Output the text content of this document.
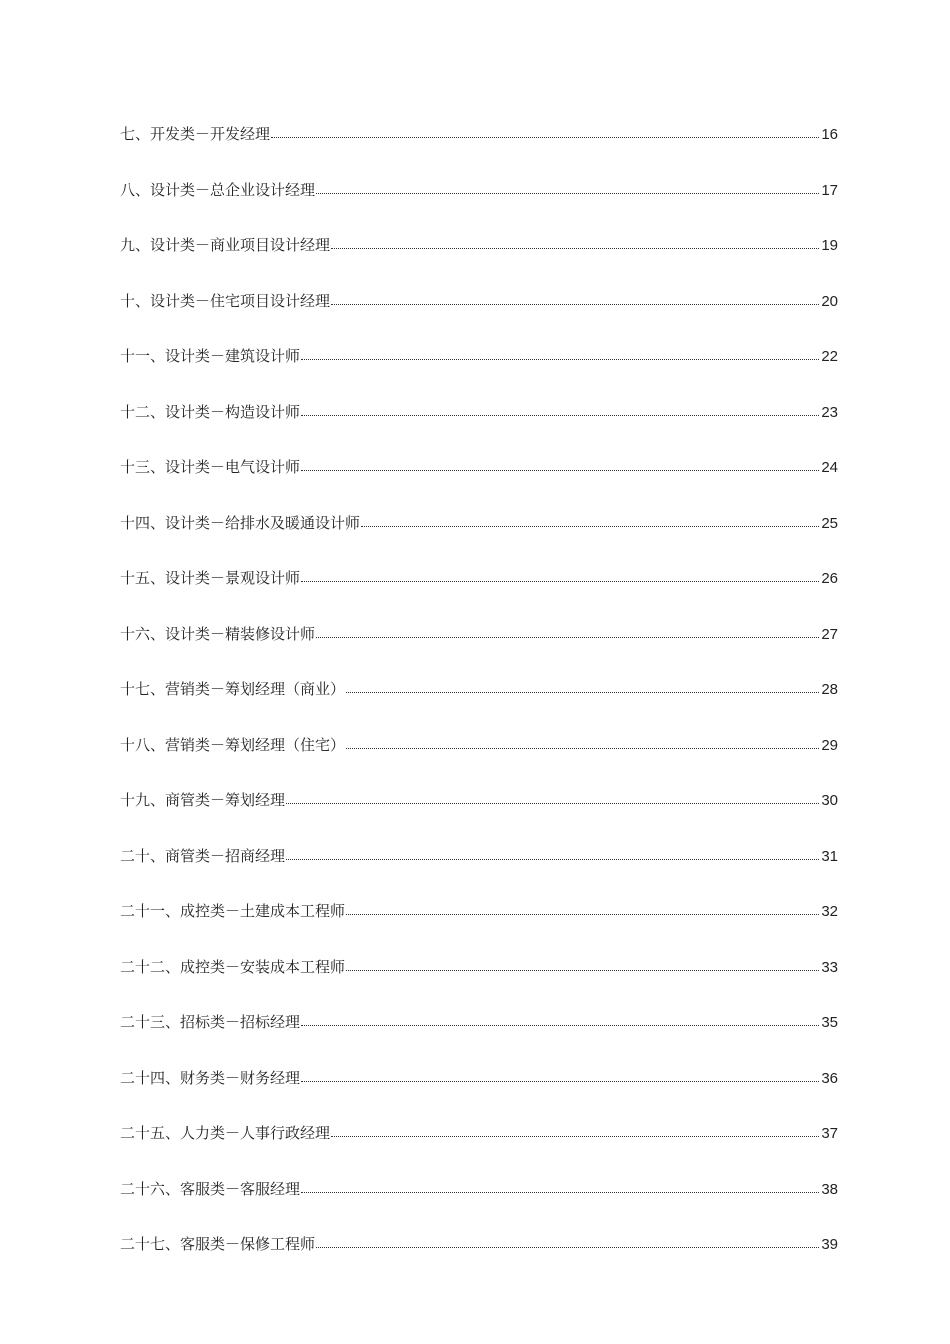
七、开发类－开发经理	16
八、设计类－总企业设计经理	17
九、设计类－商业项目设计经理	19
十、设计类－住宅项目设计经理	20
十一、设计类－建筑设计师	22
十二、设计类－构造设计师	23
十三、设计类－电气设计师	24
十四、设计类－给排水及暖通设计师	25
十五、设计类－景观设计师	26
十六、设计类－精装修设计师	27
十七、营销类－筹划经理（商业）	28
十八、营销类－筹划经理（住宅）	29
十九、商管类－筹划经理	30
二十、商管类－招商经理	31
二十一、成控类－土建成本工程师	32
二十二、成控类－安装成本工程师	33
二十三、招标类－招标经理	35
二十四、财务类－财务经理	36
二十五、人力类－人事行政经理	37
二十六、客服类－客服经理	38
二十七、客服类－保修工程师	39
